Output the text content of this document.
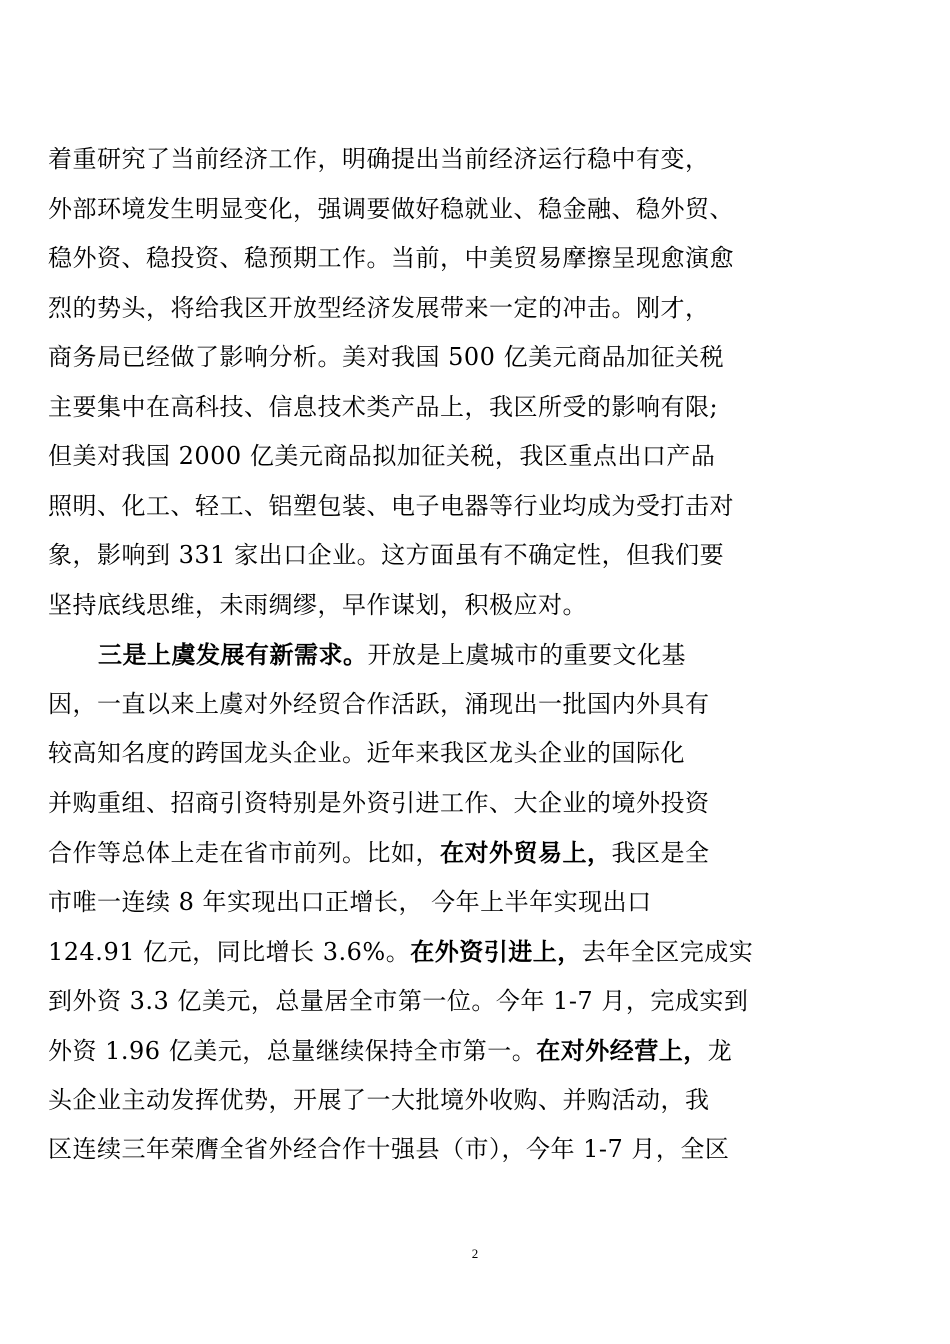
着重研究了当前经济工作，明确提出当前经济运行稳中有变，
外部环境发生明显变化，强调要做好稳就业、稳金融、稳外贸、
稳外资、稳投资、稳预期工作。当前，中美贸易摩擦呈现愈演愈
烈的势头，将给我区开放型经济发展带来一定的冲击。刚才，
商务局已经做了影响分析。美对我国 500 亿美元商品加征关税
主要集中在高科技、信息技术类产品上，我区所受的影响有限;
但美对我国 2000 亿美元商品拟加征关税，我区重点出口产品
照明、化工、轻工、铝塑包装、电子电器等行业均成为受打击对
象，影响到 331 家出口企业。这方面虽有不确定性，但我们要
坚持底线思维，未雨绸缪，早作谋划，积极应对。
三是上虞发展有新需求。开放是上虞城市的重要文化基
因，一直以来上虞对外经贸合作活跃，涌现出一批国内外具有
较高知名度的跨国龙头企业。近年来我区龙头企业的国际化
并购重组、招商引资特别是外资引进工作、大企业的境外投资
合作等总体上走在省市前列。比如，在对外贸易上，我区是全
市唯一连续 8 年实现出口正增长， 今年上半年实现出口
124.91 亿元，同比增长 3.6%。在外资引进上，去年全区完成实
到外资 3.3 亿美元，总量居全市第一位。今年 1-7 月，完成实到
外资 1.96 亿美元，总量继续保持全市第一。在对外经营上，龙
头企业主动发挥优势，开展了一大批境外收购、并购活动，我
区连续三年荣膺全省外经合作十强县（市），今年 1-7 月，全区
2
